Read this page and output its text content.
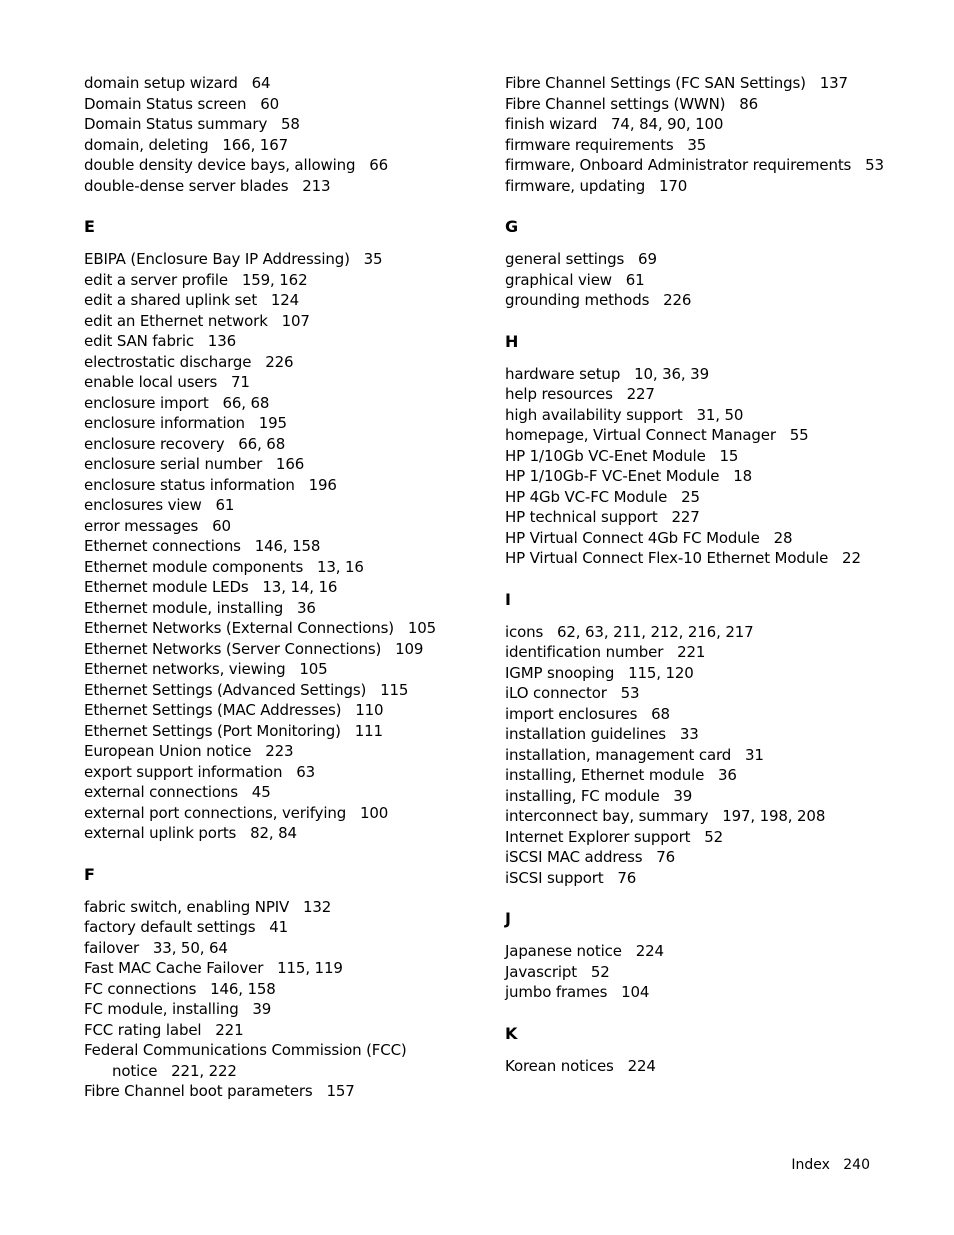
domain setup wizard   64
Domain Status screen   60
Domain Status summary   58
domain, deleting   166, 167
double density device bays, allowing   66
double-dense server blades   213
E
EBIPA (Enclosure Bay IP Addressing)   35
edit a server profile   159, 162
edit a shared uplink set   124
edit an Ethernet network   107
edit SAN fabric   136
electrostatic discharge   226
enable local users   71
enclosure import   66, 68
enclosure information   195
enclosure recovery   66, 68
enclosure serial number   166
enclosure status information   196
enclosures view   61
error messages   60
Ethernet connections   146, 158
Ethernet module components   13, 16
Ethernet module LEDs   13, 14, 16
Ethernet module, installing   36
Ethernet Networks (External Connections)   105
Ethernet Networks (Server Connections)   109
Ethernet networks, viewing   105
Ethernet Settings (Advanced Settings)   115
Ethernet Settings (MAC Addresses)   110
Ethernet Settings (Port Monitoring)   111
European Union notice   223
export support information   63
external connections   45
external port connections, verifying   100
external uplink ports   82, 84
F
fabric switch, enabling NPIV   132
factory default settings   41
failover   33, 50, 64
Fast MAC Cache Failover   115, 119
FC connections   146, 158
FC module, installing   39
FCC rating label   221
Federal Communications Commission (FCC)
notice   221, 222
Fibre Channel boot parameters   157
Fibre Channel Settings (FC SAN Settings)   137
Fibre Channel settings (WWN)   86
finish wizard   74, 84, 90, 100
firmware requirements   35
firmware, Onboard Administrator requirements   53
firmware, updating   170
G
general settings   69
graphical view   61
grounding methods   226
H
hardware setup   10, 36, 39
help resources   227
high availability support   31, 50
homepage, Virtual Connect Manager   55
HP 1/10Gb VC-Enet Module   15
HP 1/10Gb-F VC-Enet Module   18
HP 4Gb VC-FC Module   25
HP technical support   227
HP Virtual Connect 4Gb FC Module   28
HP Virtual Connect Flex-10 Ethernet Module   22
I
icons   62, 63, 211, 212, 216, 217
identification number   221
IGMP snooping   115, 120
iLO connector   53
import enclosures   68
installation guidelines   33
installation, management card   31
installing, Ethernet module   36
installing, FC module   39
interconnect bay, summary   197, 198, 208
Internet Explorer support   52
iSCSI MAC address   76
iSCSI support   76
J
Japanese notice   224
Javascript   52
jumbo frames   104
K
Korean notices   224
Index 240
